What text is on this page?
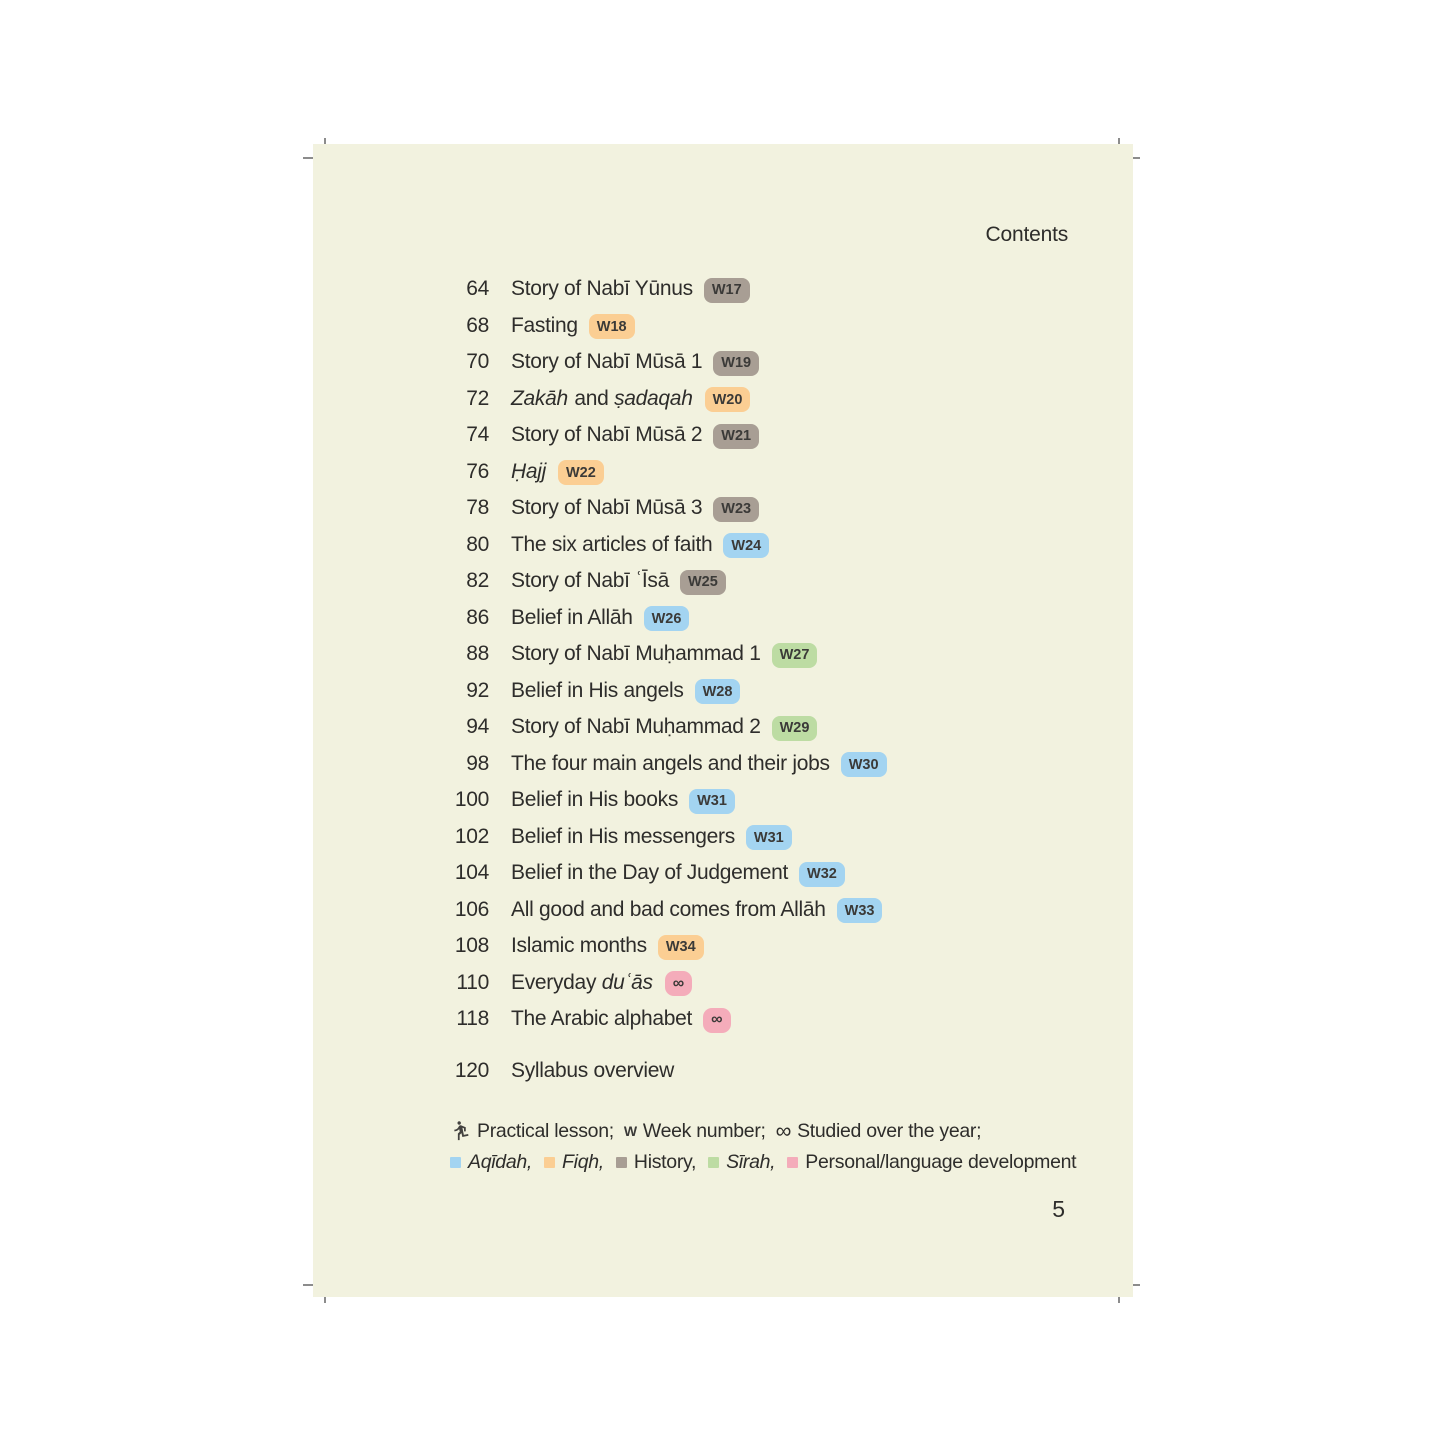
Contents
64 Story of Nabī Yūnus	W17
68 Fasting	W18
70 Story of Nabī Mūsā 1	W19
72 Zakāh and ṣadaqah	W20
74 Story of Nabī Mūsā 2	W21
76 Ḥajj	W22
78 Story of Nabī Mūsā 3	W23
80 The six articles of faith	W24
82 Story of Nabī ʿĪsā	W25
86 Belief in Allāh	W26
88 Story of Nabī Muḥammad 1	W27
92 Belief in His angels	W28
94 Story of Nabī Muḥammad 2	W29
98 The four main angels and their jobs	W30
100 Belief in His books	W31
102 Belief in His messengers	W31
104 Belief in the Day of Judgement	W32
106 All good and bad comes from Allāh	W33
108 Islamic months	W34
110 Everyday duʿās	∞
118 The Arabic alphabet	∞
120 Syllabus overview
Practical lesson; W Week number; ∞ Studied over the year;
Aqīdah, Fiqh, History, Sīrah, Personal/language development
5
